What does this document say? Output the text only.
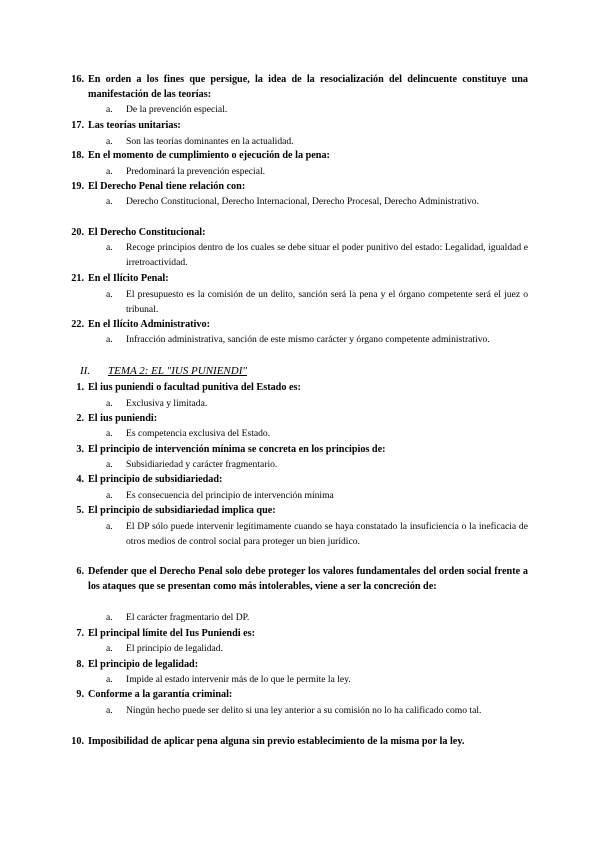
16. En orden a los fines que persigue, la idea de la resocialización del delincuente constituye una manifestación de las teorías:
a. De la prevención especial.
17. Las teorías unitarias:
a. Son las teorías dominantes en la actualidad.
18. En el momento de cumplimiento o ejecución de la pena:
a. Predominará la prevención especial.
19. El Derecho Penal tiene relación con:
a. Derecho Constitucional, Derecho Internacional, Derecho Procesal, Derecho Administrativo.
20. El Derecho Constitucional:
a. Recoge principios dentro de los cuales se debe situar el poder punitivo del estado: Legalidad, igualdad e irretroactividad.
21. En el Ilícito Penal:
a. El presupuesto es la comisión de un delito, sanción será la pena y el órgano competente será el juez o tribunal.
22. En el Ilícito Administrativo:
a. Infracción administrativa, sanción de este mismo carácter y órgano competente administrativo.
II. TEMA 2: EL "IUS PUNIENDI"
1. El ius puniendi o facultad punitiva del Estado es:
a. Exclusiva y limitada.
2. El ius puniendi:
a. Es competencia exclusiva del Estado.
3. El principio de intervención mínima se concreta en los principios de:
a. Subsidiariedad y carácter fragmentario.
4. El principio de subsidiariedad:
a. Es consecuencia del principio de intervención mínima
5. El principio de subsidiariedad implica que:
a. El DP sólo puede intervenir legítimamente cuando se haya constatado la insuficiencia o la ineficacia de otros medios de control social para proteger un bien jurídico.
6. Defender que el Derecho Penal solo debe proteger los valores fundamentales del orden social frente a los ataques que se presentan como más intolerables, viene a ser la concreción de:
a. El carácter fragmentario del DP.
7. El principal límite del Ius Puniendi es:
a. El principio de legalidad.
8. El principio de legalidad:
a. Impide al estado intervenir más de lo que le permite la ley.
9. Conforme a la garantía criminal:
a. Ningún hecho puede ser delito si una ley anterior a su comisión no lo ha calificado como tal.
10. Imposibilidad de aplicar pena alguna sin previo establecimiento de la misma por la ley.
